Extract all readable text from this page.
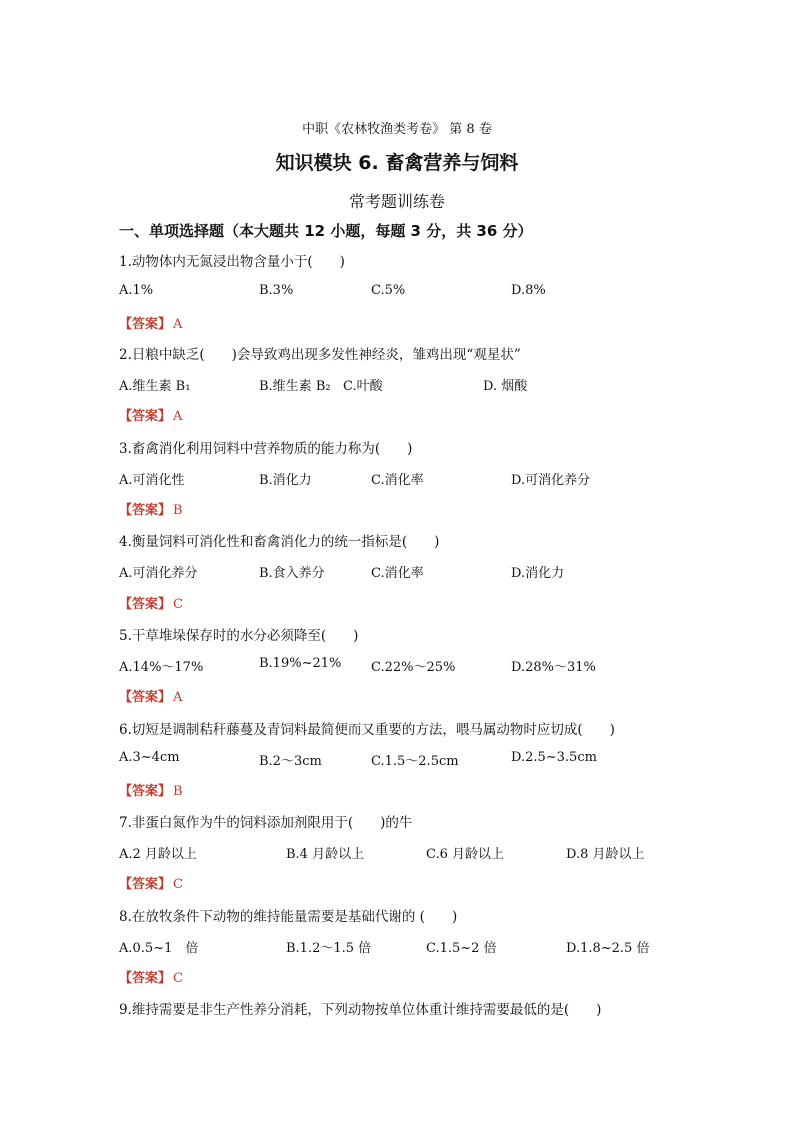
中职《农林牧渔类考卷》 第 8 卷
知识模块 6. 畜禽营养与饲料
常考题训练卷
一、单项选择题（本大题共 12 小题，每题 3 分，共 36 分）
1.动物体内无氮浸出物含量小于(　　)
A.1%	B.3%	C.5%	D.8%
【答案】 A
2.日粮中缺乏(　　)会导致鸡出现多发性神经炎，雏鸡出现“观星状”
A.维生素 B₁	B.维生素 B₂ C.叶酸	D. 烟酸
【答案】 A
3.畜禽消化利用饲料中营养物质的能力称为(　　)
A.可消化性	B.消化力	C.消化率	D.可消化养分
【答案】 B
4.衡量饲料可消化性和畜禽消化力的统一指标是(　　)
A.可消化养分	B.食入养分	C.消化率	D.消化力
【答案】 C
5.干草堆垛保存时的水分必须降至(　　)
A.14%～17%	B.19%~21% C.22%～25%	D.28%～31%
【答案】 A
6.切短是调制秸秆藤蔓及青饲料最简便而又重要的方法，喂马属动物时应切成(　　)
A.3~4cm	B.2～3cm	C.1.5～2.5cm	D.2.5~3.5cm
【答案】 B
7.非蛋白氮作为牛的饲料添加剂限用于(　　)的牛
A.2 月龄以上	B.4 月龄以上	C.6 月龄以上	D.8 月龄以上
【答案】 C
8.在放牧条件下动物的维持能量需要是基础代谢的 (　　)
A.0.5~1　倍	B.1.2～1.5 倍	C.1.5~2 倍	D.1.8~2.5 倍
【答案】 C
9.维持需要是非生产性养分消耗，下列动物按单位体重计维持需要最低的是(　　)
